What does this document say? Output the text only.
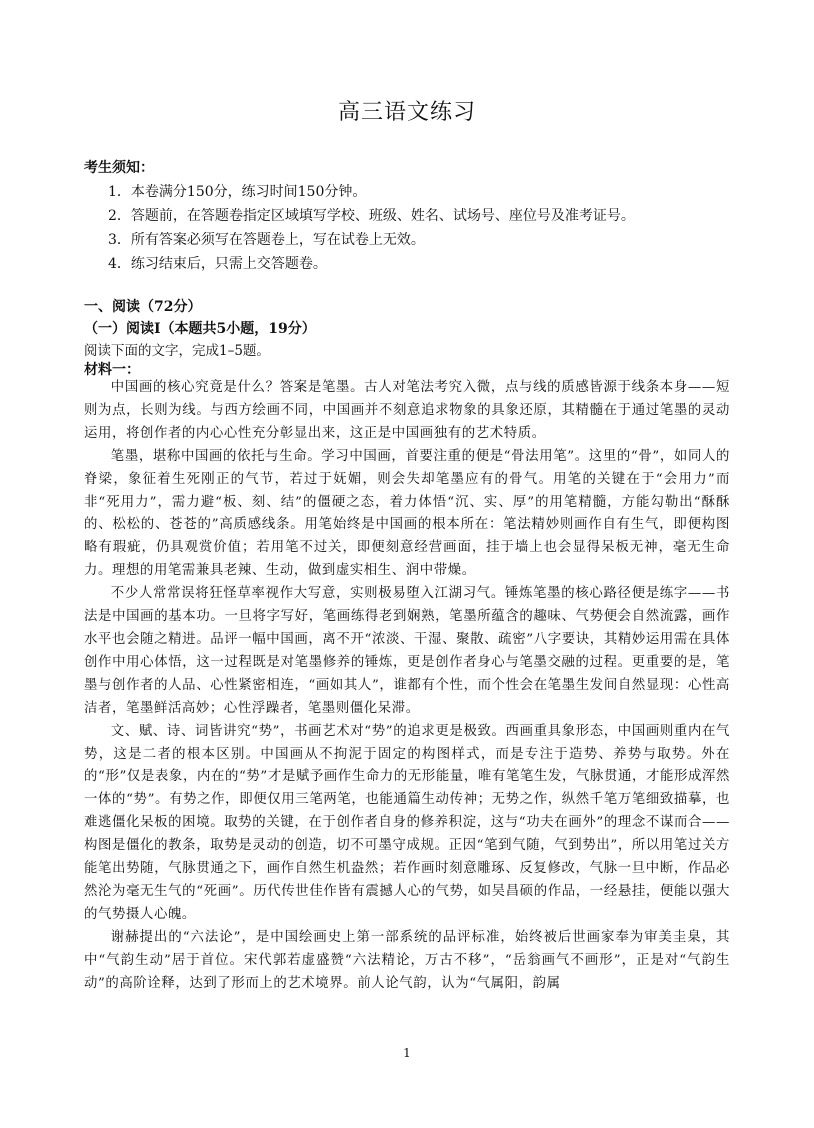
高三语文练习
考生须知：
1．本卷满分150分，练习时间150分钟。
2．答题前，在答题卷指定区域填写学校、班级、姓名、试场号、座位号及准考证号。
3．所有答案必须写在答题卷上，写在试卷上无效。
4．练习结束后，只需上交答题卷。
一、阅读（72分）
（一）阅读Ⅰ（本题共5小题，19分）
阅读下面的文字，完成1–5题。
材料一：

中国画的核心究竟是什么？答案是笔墨。古人对笔法考究入微，点与线的质感皆源于线条本身——短则为点，长则为线。与西方绘画不同，中国画并不刻意追求物象的具象还原，其精髓在于通过笔墨的灵动运用，将创作者的内心心性充分彰显出来，这正是中国画独有的艺术特质。

笔墨，堪称中国画的依托与生命。学习中国画，首要注重的便是“骨法用笔”。这里的“骨”，如同人的脊梁，象征着生死刚正的气节，若过于妩媚，则会失却笔墨应有的骨气。用笔的关键在于“会用力”而非“死用力”，需力避“板、刻、结”的僵硬之态，着力体悟“沉、实、厚”的用笔精髓，方能勾勒出“酥酥的、松松的、苍苍的”高质感线条。用笔始终是中国画的根本所在：笔法精妙则画作自有生气，即便构图略有瑕疵，仍具观赏价值；若用笔不过关，即便刻意经营画面，挂于墙上也会显得呆板无神，毫无生命力。理想的用笔需兼具老辣、生动，做到虚实相生、润中带燥。

不少人常常误将狂怪草率视作大写意，实则极易堕入江湖习气。锤炼笔墨的核心路径便是练字——书法是中国画的基本功。一旦将字写好，笔画练得老到娴熟，笔墨所蕴含的趣味、气势便会自然流露，画作水平也会随之精进。品评一幅中国画，离不开“浓淡、干湿、聚散、疏密”八字要诀，其精妙运用需在具体创作中用心体悟，这一过程既是对笔墨修养的锤炼，更是创作者身心与笔墨交融的过程。更重要的是，笔墨与创作者的人品、心性紧密相连，“画如其人”，谁都有个性，而个性会在笔墨生发间自然显现：心性高洁者，笔墨鲜活高妙；心性浮躁者，笔墨则僵化呆滞。

文、赋、诗、词皆讲究“势”，书画艺术对“势”的追求更是极致。西画重具象形态，中国画则重内在气势，这是二者的根本区别。中国画从不拘泥于固定的构图样式，而是专注于造势、养势与取势。外在的“形”仅是表象，内在的“势”才是赋予画作生命力的无形能量，唯有笔笔生发，气脉贯通，才能形成浑然一体的“势”。有势之作，即便仅用三笔两笔，也能通篇生动传神；无势之作，纵然千笔万笔细致描摹，也难逃僵化呆板的困境。取势的关键，在于创作者自身的修养积淀，这与“功夫在画外”的理念不谋而合——构图是僵化的教条，取势是灵动的创造，切不可墨守成规。正因“笔到气随，气到势出”，所以用笔过关方能笔出势随，气脉贯通之下，画作自然生机盎然；若作画时刻意雕琢、反复修改，气脉一旦中断，作品必然沦为毫无生气的“死画”。历代传世佳作皆有震撼人心的气势，如吴昌硕的作品，一经悬挂，便能以强大的气势摄人心魄。

谢赫提出的“六法论”，是中国绘画史上第一部系统的品评标准，始终被后世画家奉为审美圭臬，其中“气韵生动”居于首位。宋代郭若虚盛赞“六法精论，万古不移”，“岳翁画气不画形”，正是对“气韵生动”的高阶诠释，达到了形而上的艺术境界。前人论气韵，认为“气属阳，韵属

1
